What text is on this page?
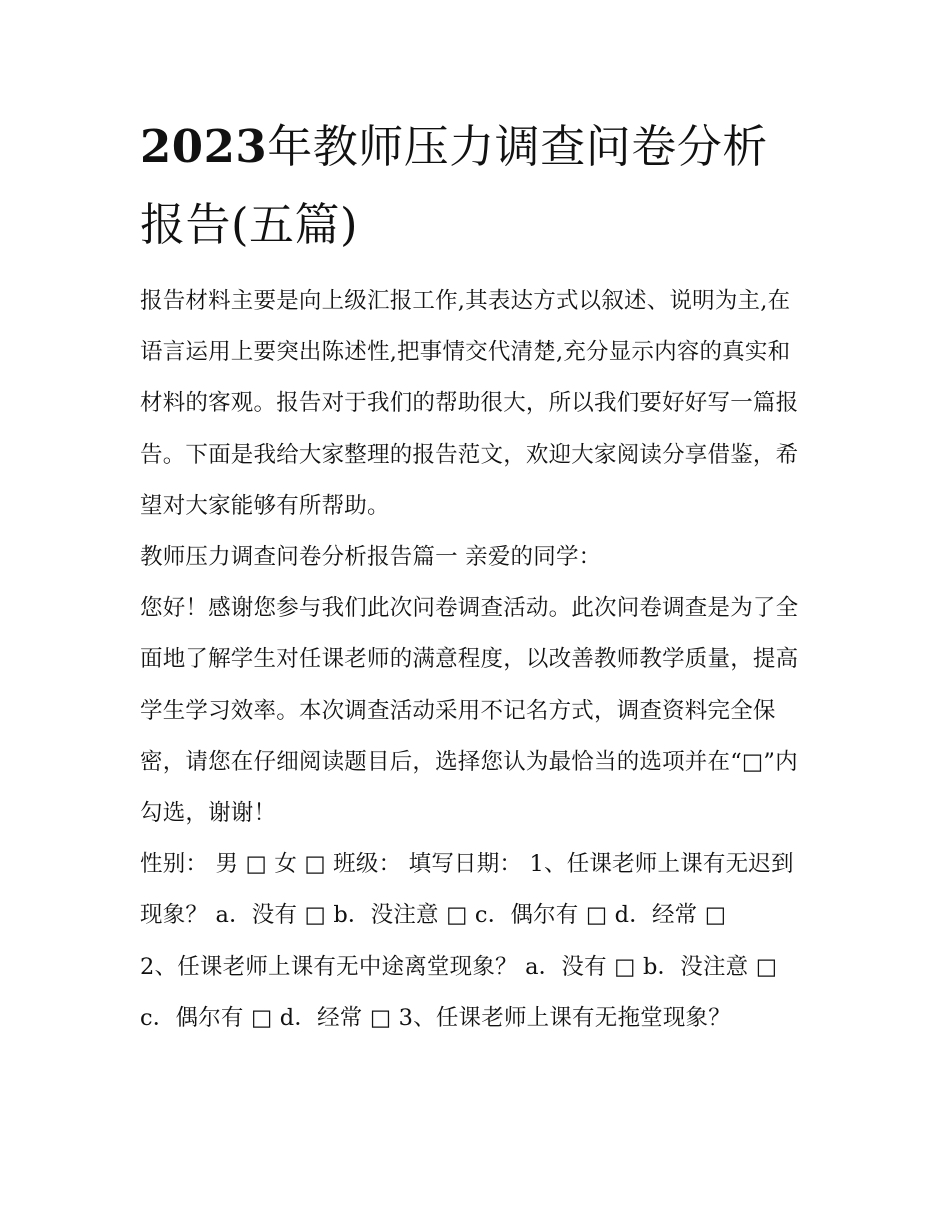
2023年教师压力调查问卷分析
报告(五篇)

报告材料主要是向上级汇报工作,其表达方式以叙述、说明为主,在语言运用上要突出陈述性,把事情交代清楚,充分显示内容的真实和材料的客观。报告对于我们的帮助很大，所以我们要好好写一篇报告。下面是我给大家整理的报告范文，欢迎大家阅读分享借鉴，希望对大家能够有所帮助。

教师压力调查问卷分析报告篇一 亲爱的同学：

您好！感谢您参与我们此次问卷调查活动。此次问卷调查是为了全面地了解学生对任课老师的满意程度，以改善教师教学质量，提高学生学习效率。本次调查活动采用不记名方式，调查资料完全保密，请您在仔细阅读题目后，选择您认为最恰当的选项并在“□”内勾选，谢谢！

性别： 男 □ 女 □ 班级： 填写日期： 1、任课老师上课有无迟到现象？ a．没有 □ b．没注意 □ c．偶尔有 □ d．经常 □

2、任课老师上课有无中途离堂现象？ a．没有 □ b．没注意 □ c．偶尔有 □ d．经常 □ 3、任课老师上课有无拖堂现象？
